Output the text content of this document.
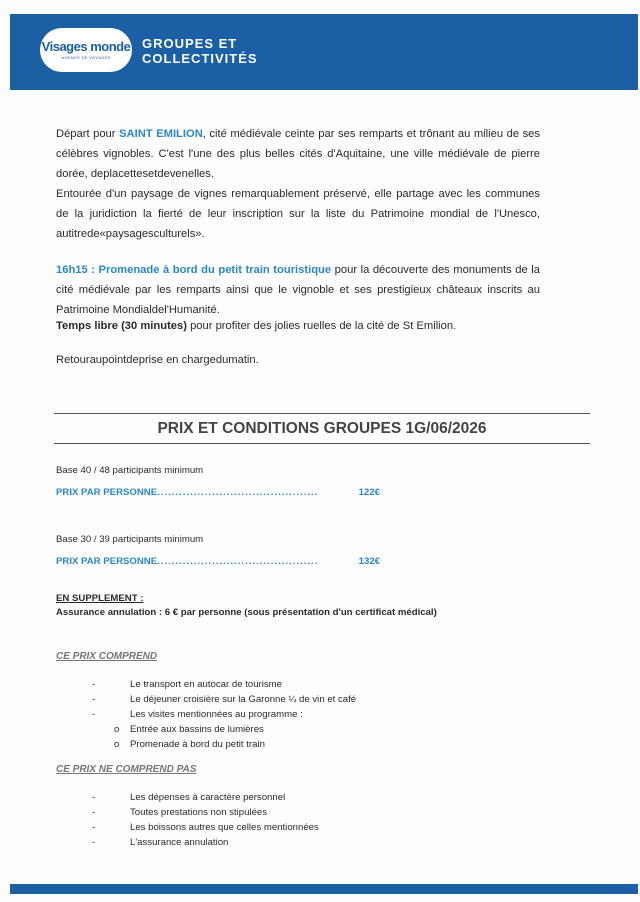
Visages monde
AGENCE DE VOYAGES
GROUPES ET
COLLECTIVITÉS
Départ pour SAINT EMILION, cité médiévale ceinte par ses remparts et trônant au milieu de ses célèbres vignobles. C'est l'une des plus belles cités d'Aquitaine, une ville médiévale de pierre dorée, deplacettesetdevenelles.
Entourée d'un paysage de vignes remarquablement préservé, elle partage avec les communes de la juridiction la fierté de leur inscription sur la liste du Patrimoine mondial de l'Unesco, autitrede«paysagesculturels».
16h15 : Promenade à bord du petit train touristique pour la découverte des monuments de la cité médiévale par les remparts ainsi que le vignoble et ses prestigieux châteaux inscrits au Patrimoine Mondialdel'Humanité.
Temps libre (30 minutes) pour profiter des jolies ruelles de la cité de St Emilion.
Retouraupointdeprise en chargedumatin.
PRIX ET CONDITIONS GROUPES 1G/06/2026
Base 40 / 48 participants minimum
PRIX PAR PERSONNE ............................................	122€
Base 30 / 39 participants minimum
PRIX PAR PERSONNE ............................................	132€
EN SUPPLEMENT :
Assurance annulation : 6 € par personne (sous présentation d'un certificat médical)
CE PRIX COMPREND
-	Le transport en autocar de tourisme
-	Le déjeuner croisière sur la Garonne ¼ de vin et café
-	Les visites mentionnées au programme :
o	Entrée aux bassins de lumières
o	Promenade à bord du petit train
CE PRIX NE COMPREND PAS
-	Les dépenses à caractère personnel
-	Toutes prestations non stipulées
-	Les boissons autres que celles mentionnées
-	L'assurance annulation
